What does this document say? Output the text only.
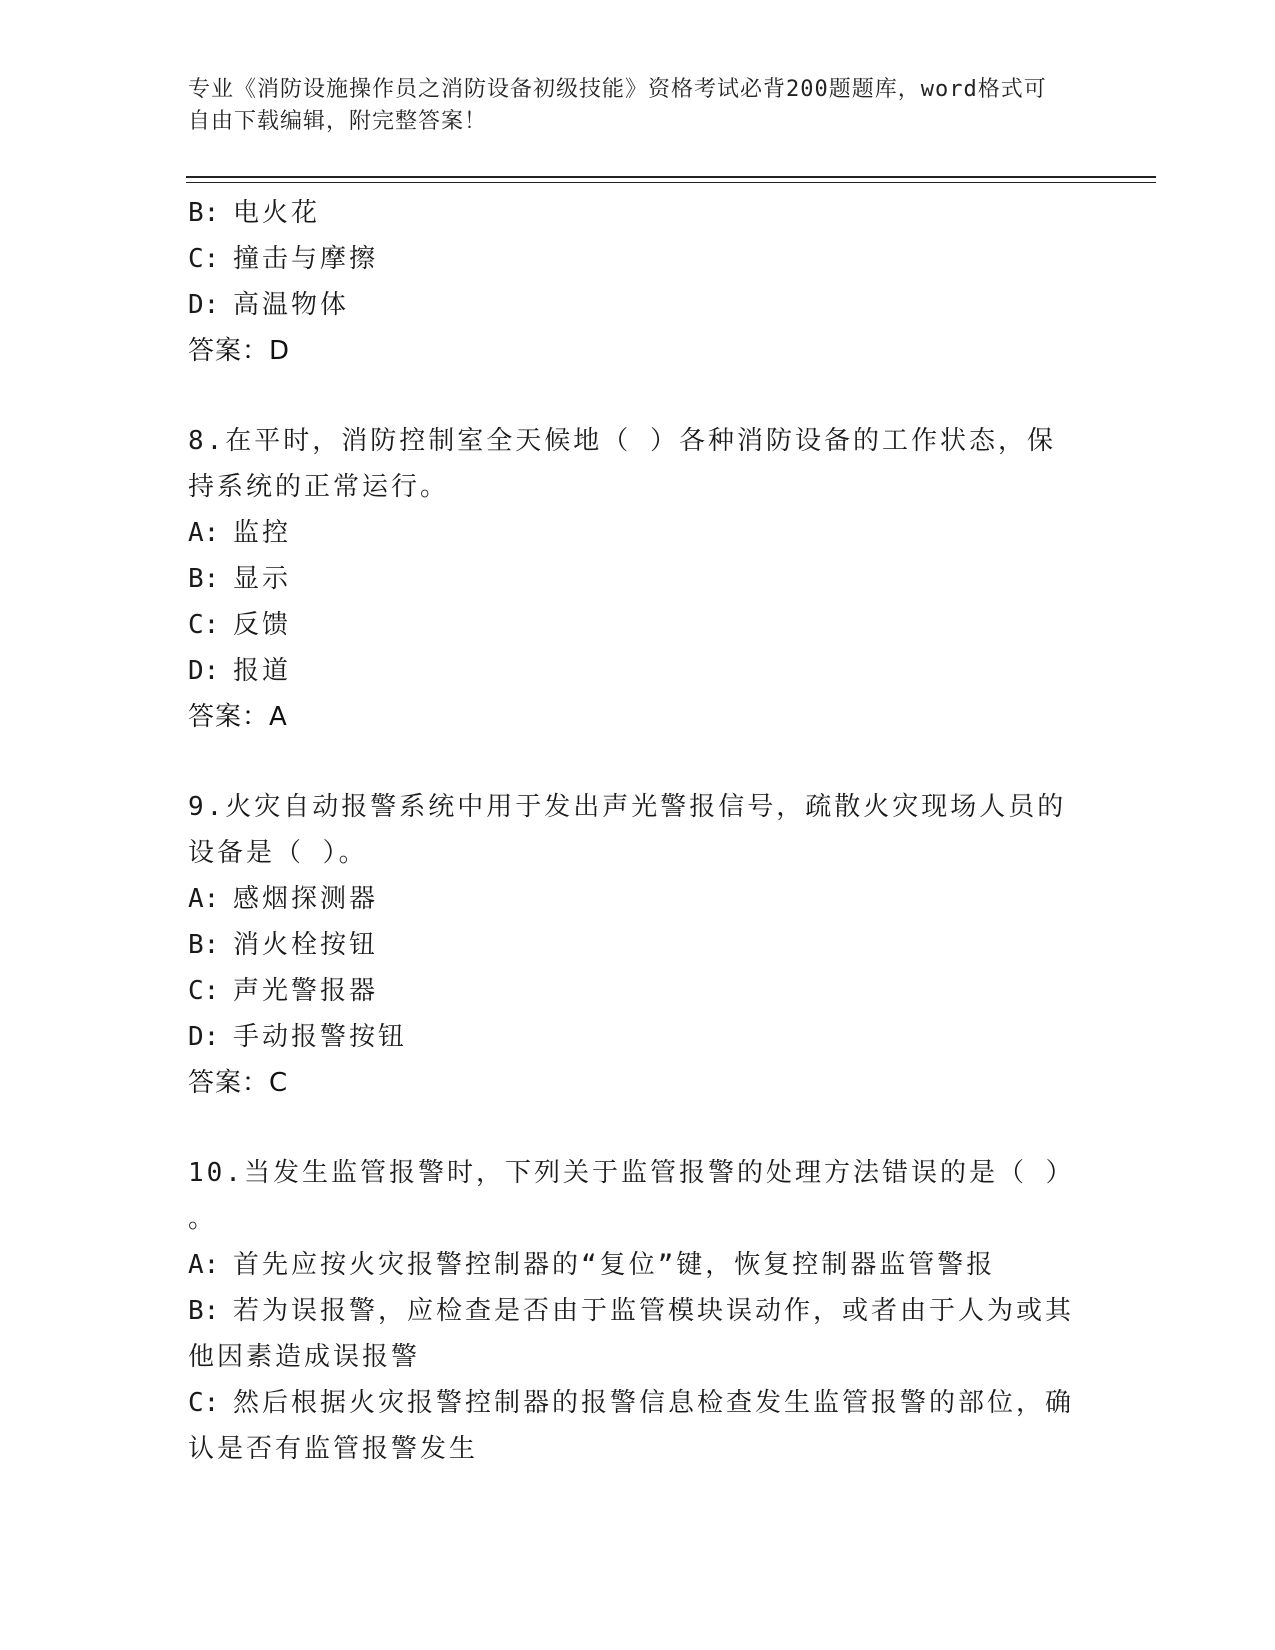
专业《消防设施操作员之消防设备初级技能》资格考试必背200题题库，word格式可自由下载编辑，附完整答案！
B: 电火花
C: 撞击与摩擦
D: 高温物体
答案：D
8.在平时，消防控制室全天候地（ ）各种消防设备的工作状态，保
持系统的正常运行。
A: 监控
B: 显示
C: 反馈
D: 报道
答案：A
9.火灾自动报警系统中用于发出声光警报信号，疏散火灾现场人员的
设备是（ ）。
A: 感烟探测器
B: 消火栓按钮
C: 声光警报器
D: 手动报警按钮
答案：C
10.当发生监管报警时，下列关于监管报警的处理方法错误的是（ ）
。
A: 首先应按火灾报警控制器的“复位”键，恢复控制器监管警报
B: 若为误报警，应检查是否由于监管模块误动作，或者由于人为或其
他因素造成误报警
C: 然后根据火灾报警控制器的报警信息检查发生监管报警的部位，确
认是否有监管报警发生
